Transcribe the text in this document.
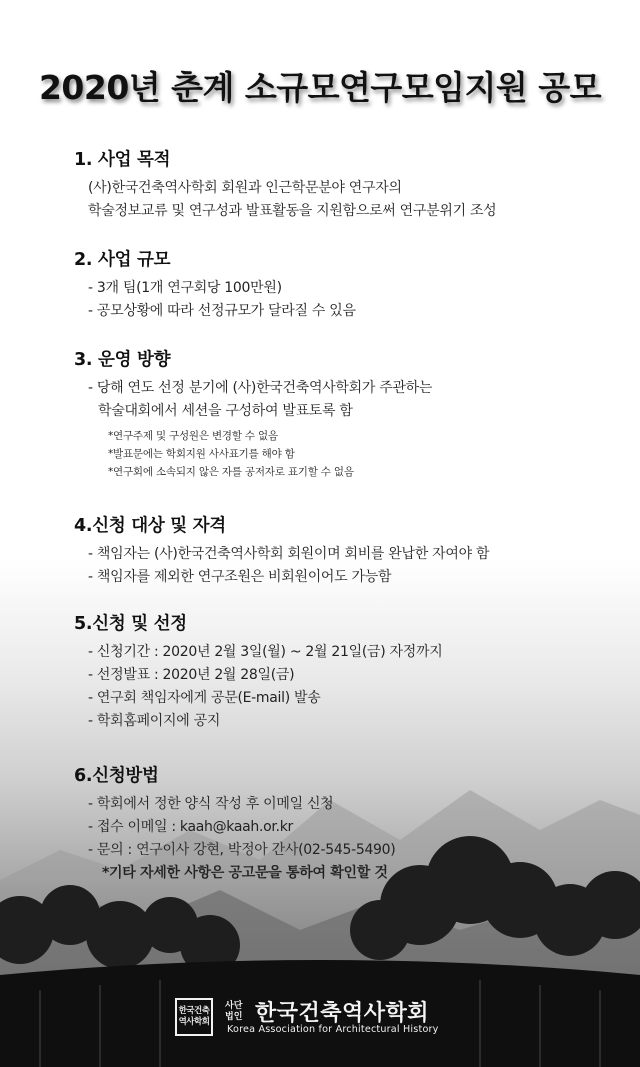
2020년 춘계 소규모연구모임지원 공모
1. 사업 목적
(사)한국건축역사학회 회원과 인근학문분야 연구자의
학술정보교류 및 연구성과 발표활동을 지원함으로써 연구분위기 조성
2. 사업 규모
- 3개 팀(1개 연구회당 100만원)
- 공모상황에 따라 선정규모가 달라질 수 있음
3. 운영 방향
- 당해 연도 선정 분기에 (사)한국건축역사학회가 주관하는
학술대회에서 세션을 구성하여 발표토록 함
*연구주제 및 구성원은 변경할 수 없음
*발표문에는 학회지원 사사표기를 해야 함
*연구회에 소속되지 않은 자를 공저자로 표기할 수 없음
4.신청 대상 및 자격
- 책임자는 (사)한국건축역사학회 회원이며 회비를 완납한 자여야 함
- 책임자를 제외한 연구조원은 비회원이어도 가능함
5.신청 및 선정
- 신청기간 : 2020년 2월 3일(월) ~ 2월 21일(금) 자정까지
- 선정발표 : 2020년 2월 28일(금)
- 연구회 책임자에게 공문(E-mail) 발송
- 학회홈페이지에 공지
6.신청방법
- 학회에서 정한 양식 작성 후 이메일 신청
- 접수 이메일 : kaah@kaah.or.kr
- 문의 : 연구이사 강현, 박정아 간사(02-545-5490)
*기타 자세한 사항은 공고문을 통하여 확인할 것
한국건축역사학회
사단
법인 한국건축역사학회
Korea Association for Architectural History
